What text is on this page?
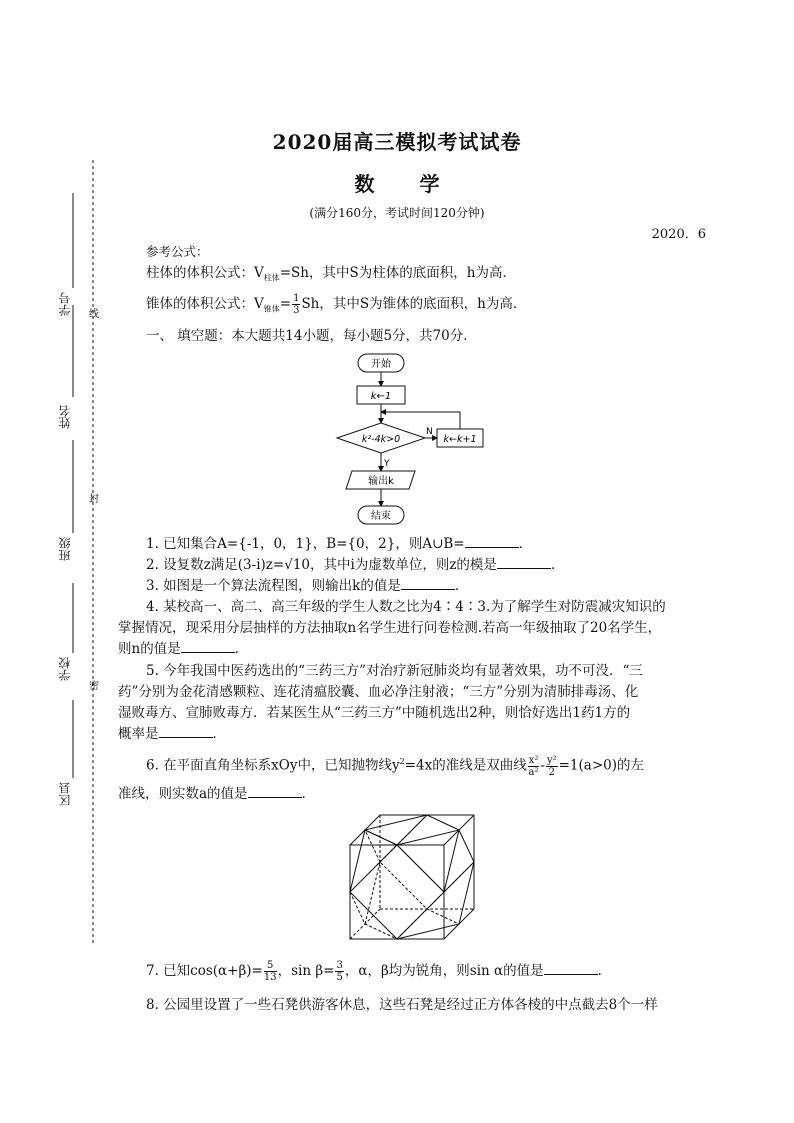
学号
姓名
班级
学校
区县
线
封
密
2020届高三模拟考试试卷
数 学
(满分160分，考试时间120分钟)
2020．6
参考公式：
柱体的体积公式：$V_{柱体}=Sh$，其中S为柱体的底面积，h为高．
锥体的体积公式：$V_{锥体}= \frac{1}{3}$ Sh，其中S为锥体的底面积，h为高．
一、 填空题：本大题共14小题，每小题5分，共70分．
开始
k←1
k²-4k>0
N
k←k+1
Y
输出k
结束
1. 已知集合A={-1，0，1}，B={0，2}，则A∪B=	．
2. 设复数z满足(3-i)z=√10，其中i为虚数单位，则z的模是	．
3. 如图是一个算法流程图，则输出k的值是	．
4. 某校高一、高二、高三年级的学生人数之比为4∶4∶3.为了解学生对防震减灾知识的
掌握情况，现采用分层抽样的方法抽取n名学生进行问卷检测.若高一年级抽取了20名学生，
则n的值是	．
5. 今年我国中医药选出的“三药三方”对治疗新冠肺炎均有显著效果，功不可没．“三
药”分别为金花清感颗粒、连花清瘟胶囊、血必净注射液；“三方”分别为清肺排毒汤、化
湿败毒方、宣肺败毒方．若某医生从“三药三方”中随机选出2种，则恰好选出1药1方的
概率是	．
6. 在平面直角坐标系xOy中，已知抛物线$y^2=4x$的准线是双曲线 $\frac{\text{x²}}{\text{a²}} - \frac{\text{y²}}{2} =1(a>0)$的左
准线，则实数a的值是	．
7. 已知$\cos(\alpha+\beta)= \frac{5}{13}$ ，$\sin \beta= \frac{3}{5}$ ，α，β均为锐角，则sin α的值是	．
8. 公园里设置了一些石凳供游客休息，这些石凳是经过正方体各棱的中点截去8个一样
